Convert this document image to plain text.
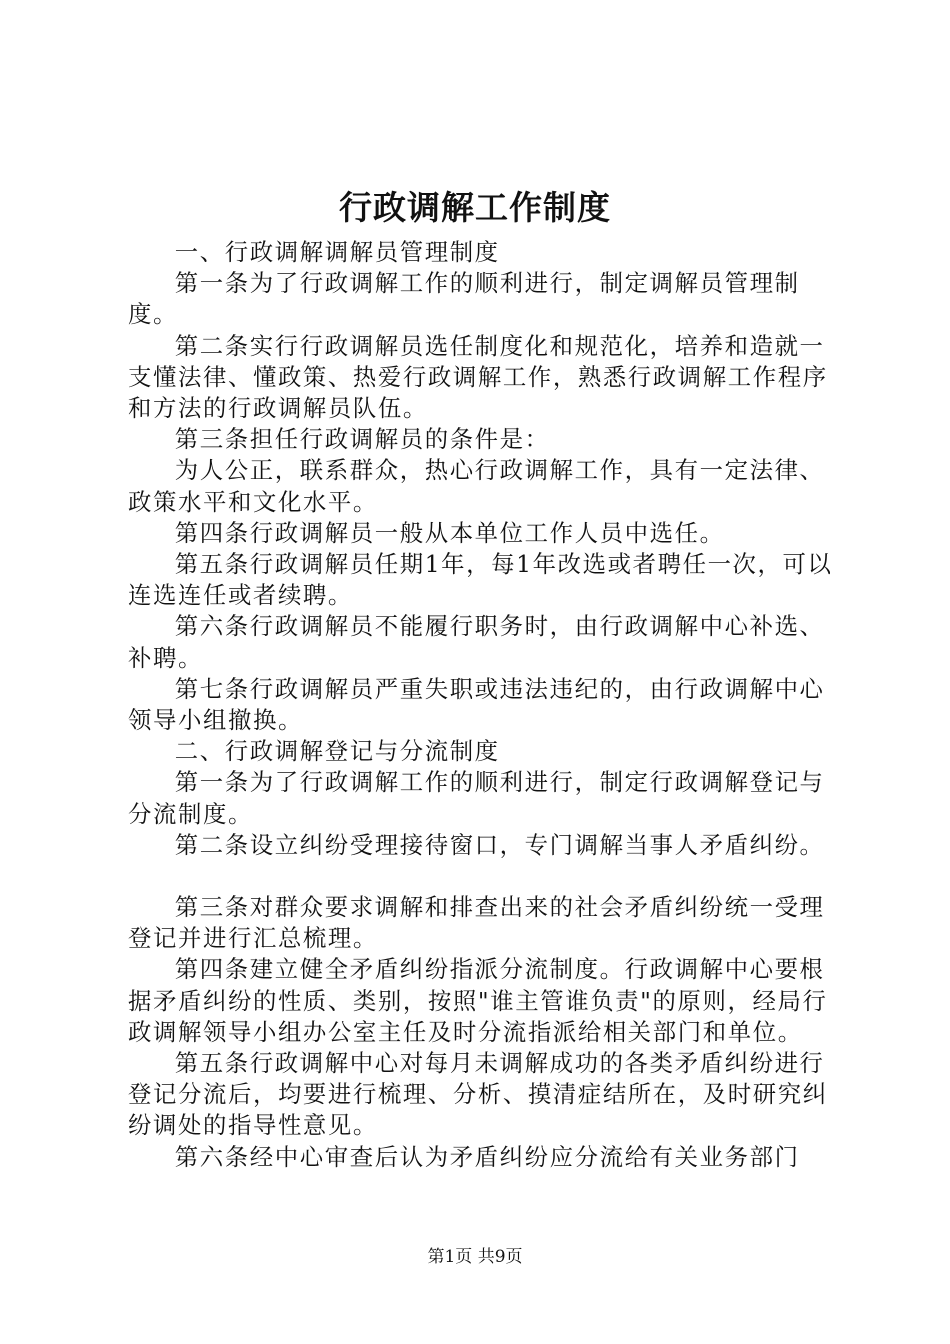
行政调解工作制度

一、行政调解调解员管理制度

第一条为了行政调解工作的顺利进行，制定调解员管理制度。

第二条实行行政调解员选任制度化和规范化，培养和造就一支懂法律、懂政策、热爱行政调解工作，熟悉行政调解工作程序和方法的行政调解员队伍。

第三条担任行政调解员的条件是：

为人公正，联系群众，热心行政调解工作，具有一定法律、政策水平和文化水平。

第四条行政调解员一般从本单位工作人员中选任。

第五条行政调解员任期1年，每1年改选或者聘任一次，可以连选连任或者续聘。

第六条行政调解员不能履行职务时，由行政调解中心补选、补聘。

第七条行政调解员严重失职或违法违纪的，由行政调解中心领导小组撤换。

二、行政调解登记与分流制度

第一条为了行政调解工作的顺利进行，制定行政调解登记与分流制度。

第二条设立纠纷受理接待窗口，专门调解当事人矛盾纠纷。

第三条对群众要求调解和排查出来的社会矛盾纠纷统一受理登记并进行汇总梳理。

第四条建立健全矛盾纠纷指派分流制度。行政调解中心要根据矛盾纠纷的性质、类别，按照"谁主管谁负责"的原则，经局行政调解领导小组办公室主任及时分流指派给相关部门和单位。

第五条行政调解中心对每月未调解成功的各类矛盾纠纷进行登记分流后，均要进行梳理、分析、摸清症结所在，及时研究纠纷调处的指导性意见。

第六条经中心审查后认为矛盾纠纷应分流给有关业务部门

第1页 共9页
